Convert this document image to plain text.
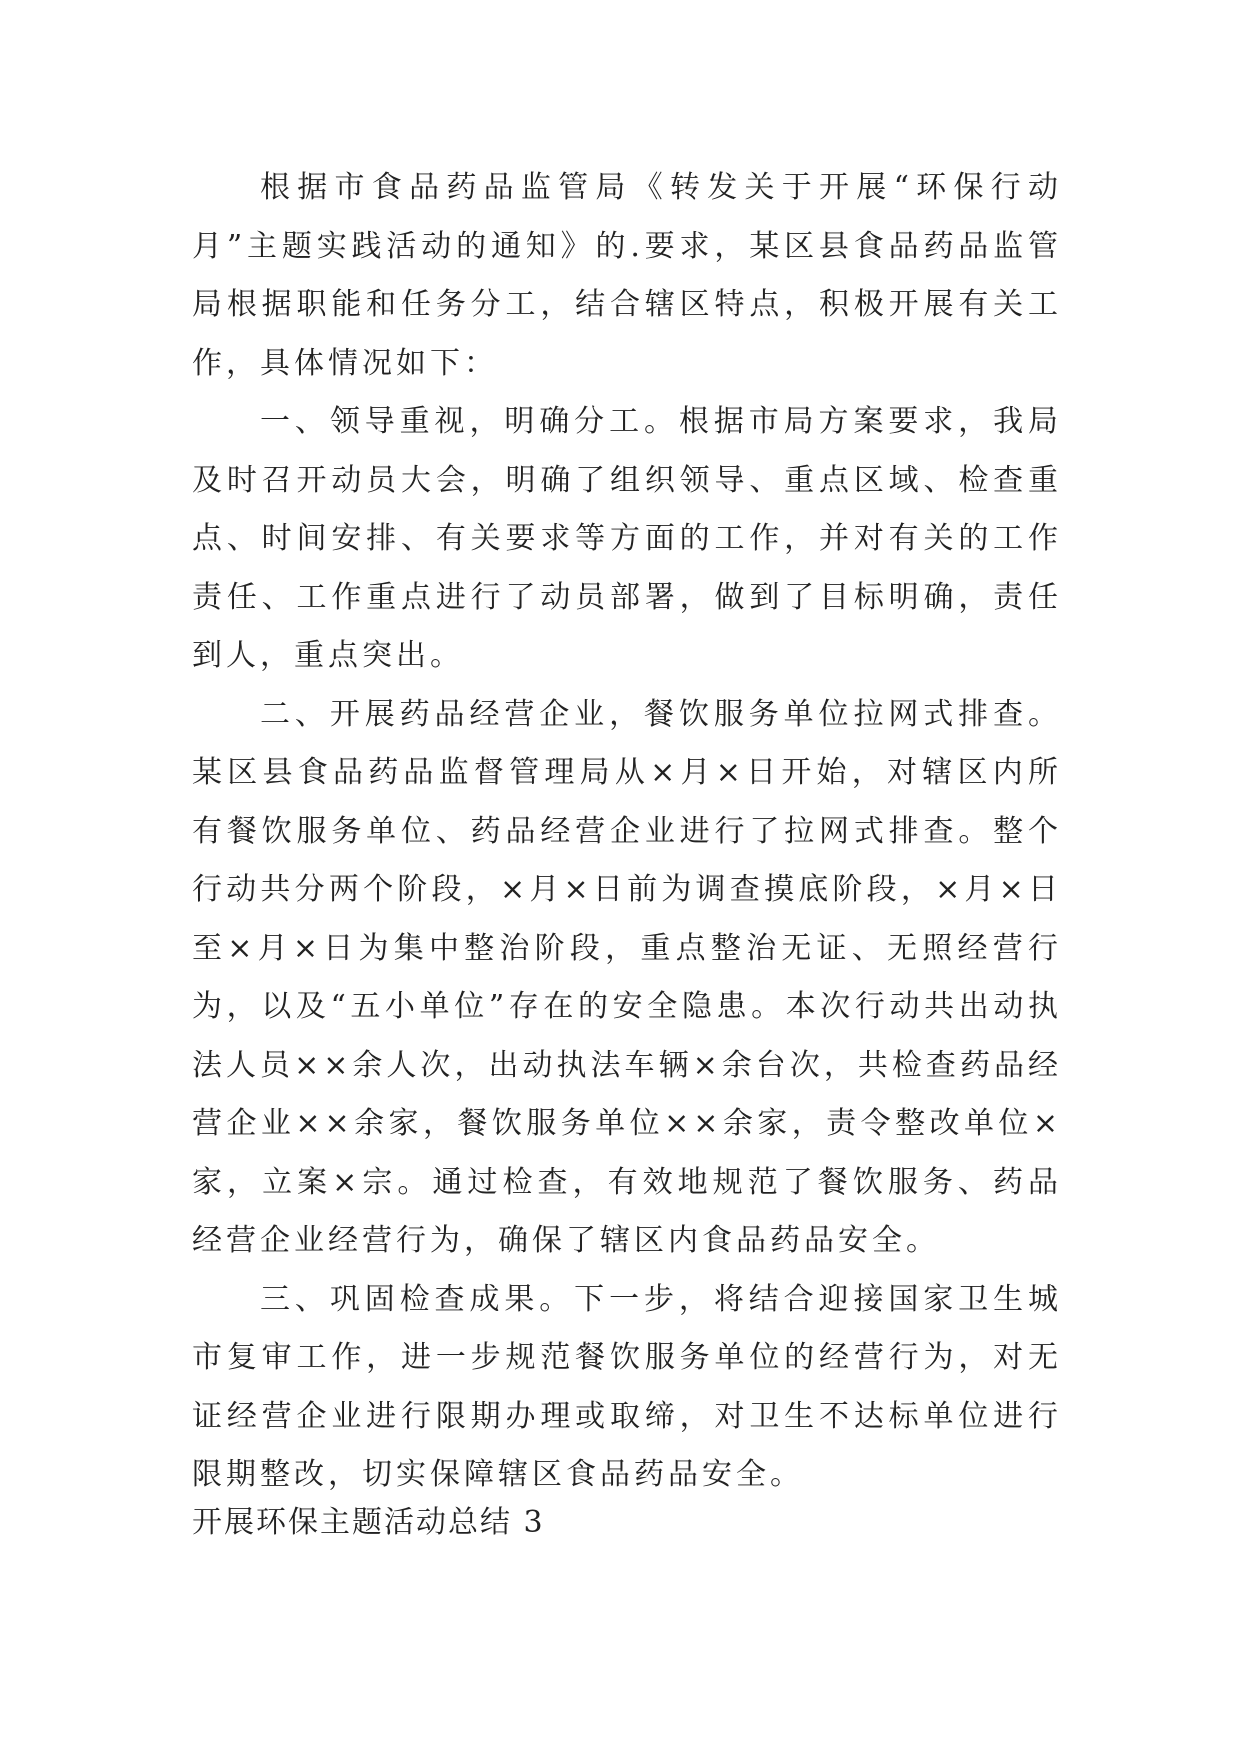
根据市食品药品监管局《转发关于开展“环保行动月”主题实践活动的通知》的.要求，某区县食品药品监管局根据职能和任务分工，结合辖区特点，积极开展有关工作，具体情况如下：

一、领导重视，明确分工。根据市局方案要求，我局及时召开动员大会，明确了组织领导、重点区域、检查重点、时间安排、有关要求等方面的工作，并对有关的工作责任、工作重点进行了动员部署，做到了目标明确，责任到人，重点突出。

二、开展药品经营企业，餐饮服务单位拉网式排查。某区县食品药品监督管理局从×月×日开始，对辖区内所有餐饮服务单位、药品经营企业进行了拉网式排查。整个行动共分两个阶段，×月×日前为调查摸底阶段，×月×日至×月×日为集中整治阶段，重点整治无证、无照经营行为，以及“五小单位”存在的安全隐患。本次行动共出动执法人员××余人次，出动执法车辆×余台次，共检查药品经营企业××余家，餐饮服务单位××余家，责令整改单位×家，立案×宗。通过检查，有效地规范了餐饮服务、药品经营企业经营行为，确保了辖区内食品药品安全。

三、巩固检查成果。下一步，将结合迎接国家卫生城市复审工作，进一步规范餐饮服务单位的经营行为，对无证经营企业进行限期办理或取缔，对卫生不达标单位进行限期整改，切实保障辖区食品药品安全。

开展环保主题活动总结 3
